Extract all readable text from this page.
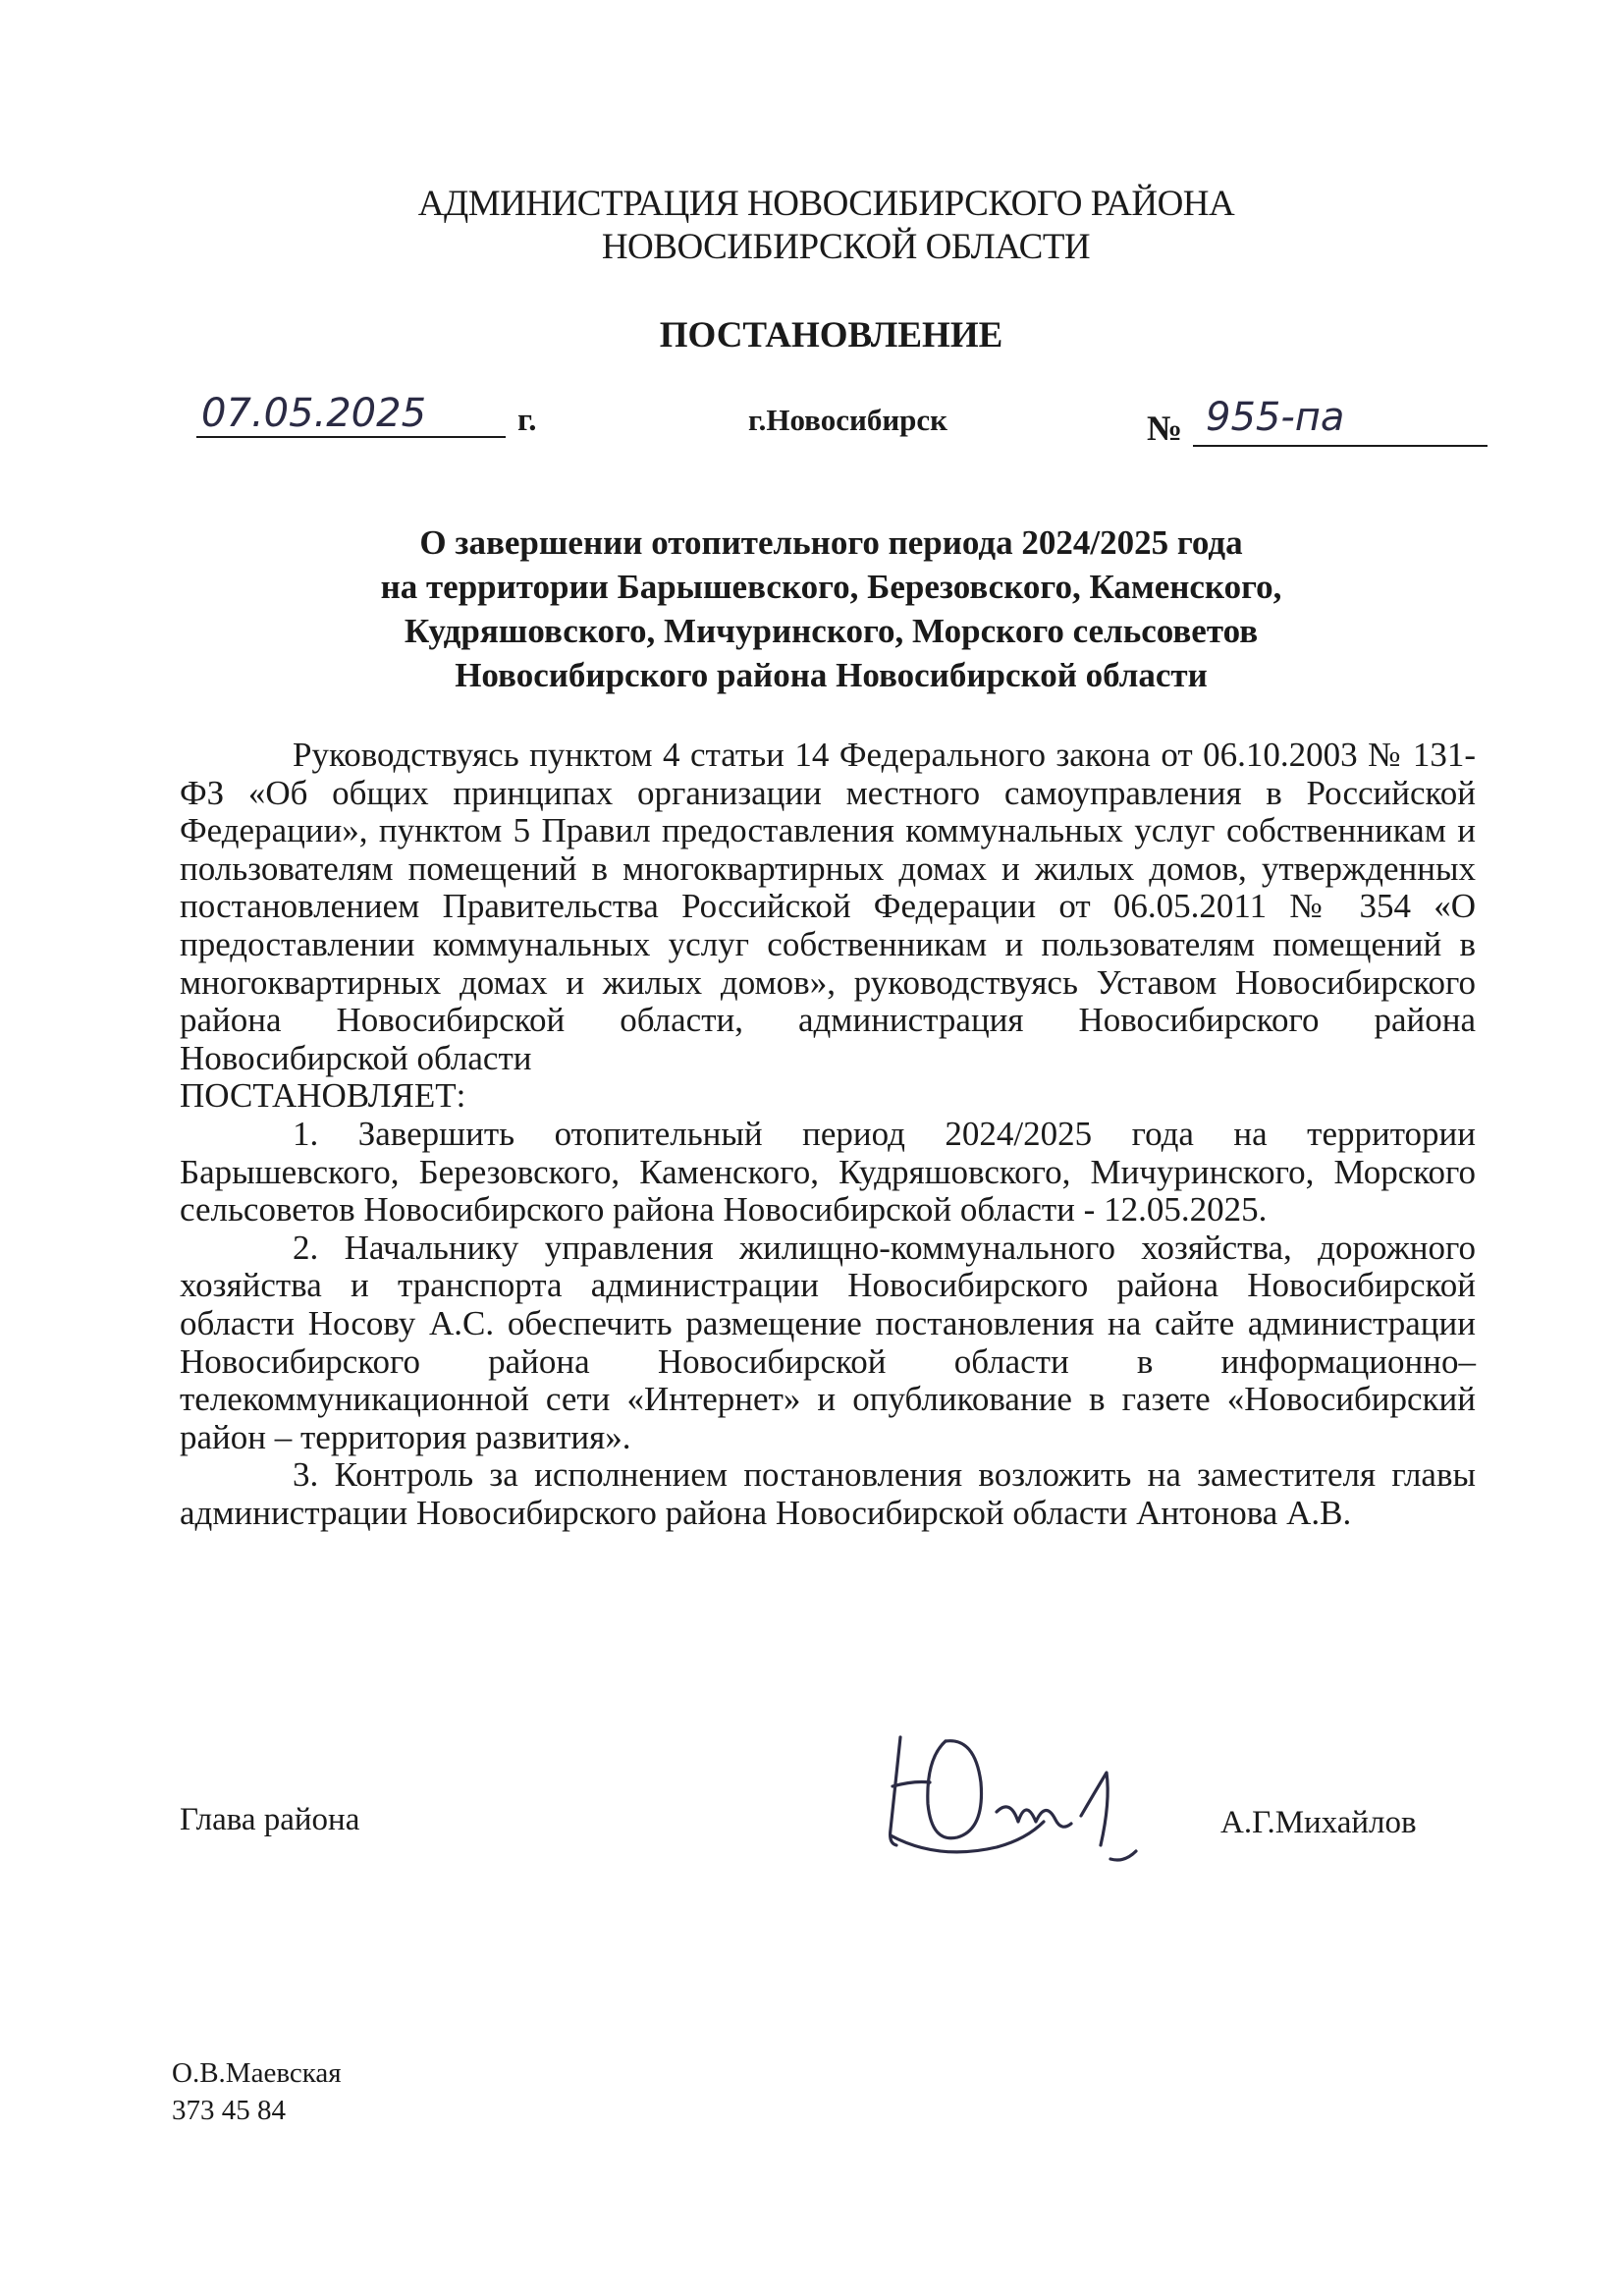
АДМИНИСТРАЦИЯ НОВОСИБИРСКОГО РАЙОНА
НОВОСИБИРСКОЙ ОБЛАСТИ
ПОСТАНОВЛЕНИЕ
07.05.2025	г.	г.Новосибирск	№ 955-па
О завершении отопительного периода 2024/2025 года
на территории Барышевского, Березовского, Каменского,
Кудряшовского, Мичуринского, Морского сельсоветов
Новосибирского района Новосибирской области

Руководствуясь пунктом 4 статьи 14 Федерального закона от 06.10.2003 № 131-ФЗ «Об общих принципах организации местного самоуправления в Российской Федерации», пунктом 5 Правил предоставления коммунальных услуг собственникам и пользователям помещений в многоквартирных домах и жилых домов, утвержденных постановлением Правительства Российской Федерации от 06.05.2011 № 354 «О предоставлении коммунальных услуг собственникам и пользователям помещений в многоквартирных домах и жилых домов», руководствуясь Уставом Новосибирского района Новосибирской области, администрация Новосибирского района Новосибирской области

ПОСТАНОВЛЯЕТ:

1. Завершить отопительный период 2024/2025 года на территории Барышевского, Березовского, Каменского, Кудряшовского, Мичуринского, Морского сельсоветов Новосибирского района Новосибирской области - 12.05.2025.

2. Начальнику управления жилищно-коммунального хозяйства, дорожного хозяйства и транспорта администрации Новосибирского района Новосибирской области Носову А.С. обеспечить размещение постановления на сайте администрации Новосибирского района Новосибирской области в информационно–телекоммуникационной сети «Интернет» и опубликование в газете «Новосибирский район – территория развития».

3. Контроль за исполнением постановления возложить на заместителя главы администрации Новосибирского района Новосибирской области Антонова А.В.

Глава района	А.Г.Михайлов
О.В.Маевская
373 45 84
